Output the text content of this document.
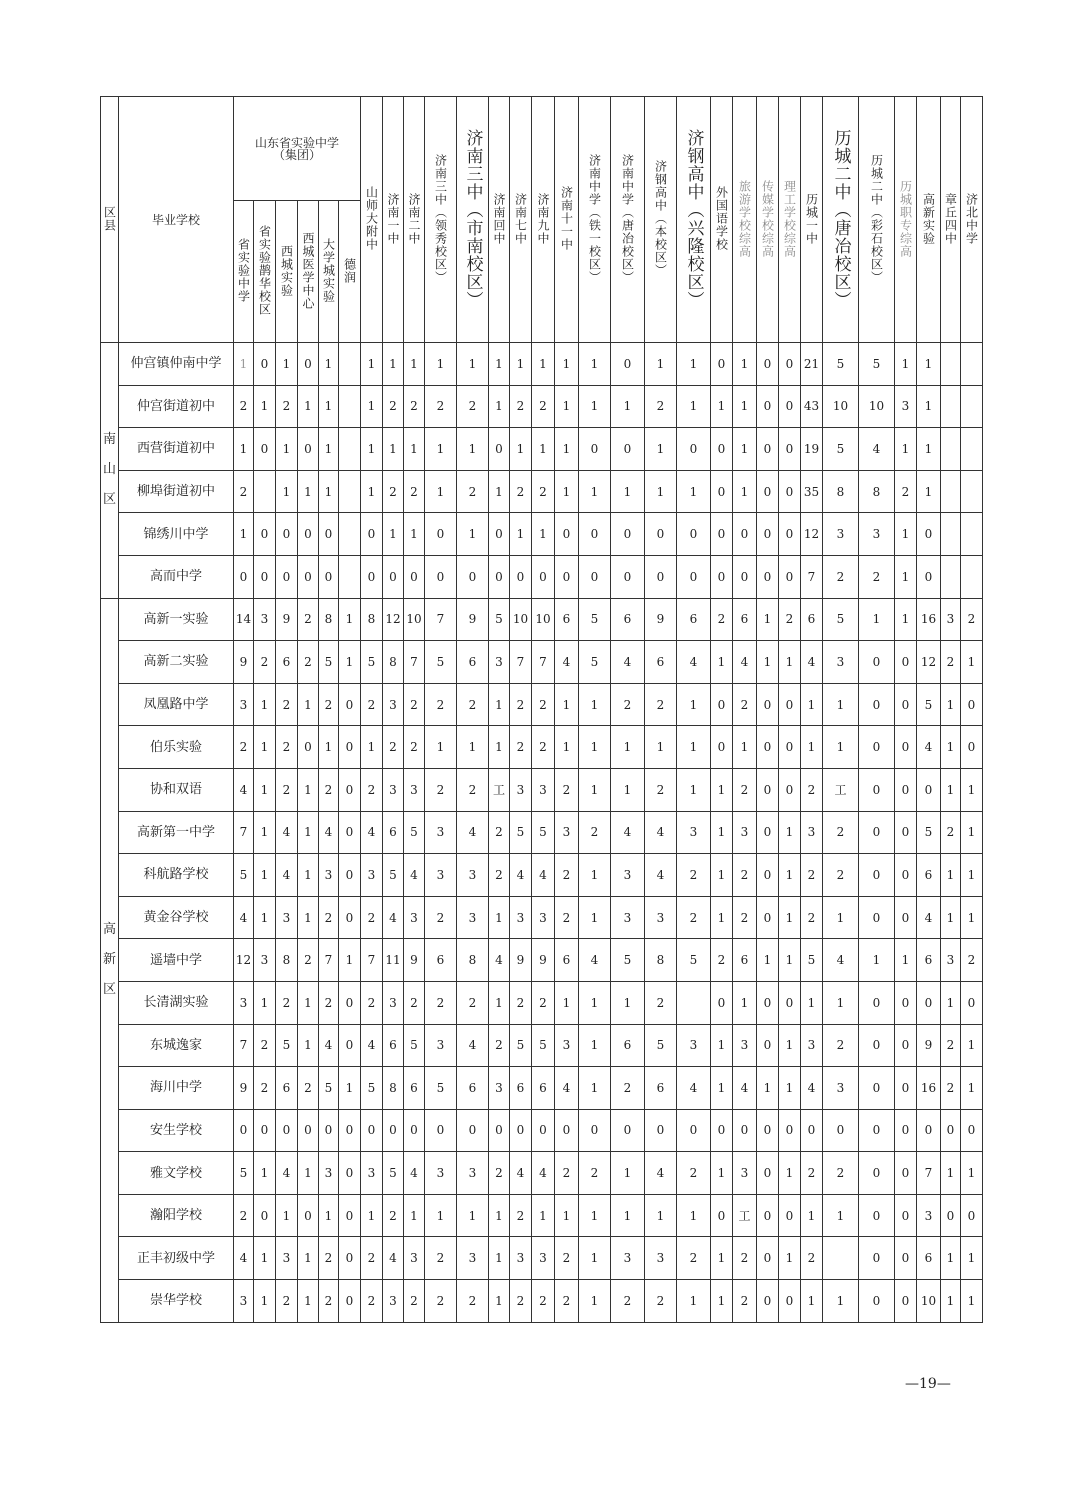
区县	毕业学校	山东省实验中学
（集团）						山师大附中	济南一中	济南二中	济南三中（领秀校区）	济南三中（市南校区）	济南回中	济南七中	济南九中	济南十一中	济南中学（铁一校区）	济南中学（唐冶校区）	济钢高中（本校区）	济钢高中（兴隆校区）	外国语学校	旅游学校综高	传媒学校综高	理工学校综高	历城一中	历城二中（唐冶校区）	历城二中（彩石校区）	历城职专综高	高新实验	章丘四中	济北中学
		省实验中学	省实验鹊华校区	西城实验	西城医学中心	大学城实验	德润																								

南
山
区	仲宫镇仲南中学	1	0	1	0	1		1	1	1	1	1	1	1	1	1	1	0	1	1	0	1	0	0	21	5	5	1	1		
	仲宫街道初中	2	1	2	1	1		1	2	2	2	2	1	2	2	1	1	1	2	1	1	1	0	0	43	10	10	3	1		
	西营街道初中	1	0	1	0	1		1	1	1	1	1	0	1	1	1	0	0	1	0	0	1	0	0	19	5	4	1	1		
	柳埠街道初中	2		1	1	1		1	2	2	1	2	1	2	2	1	1	1	1	1	0	1	0	0	35	8	8	2	1		
	锦绣川中学	1	0	0	0	0		0	1	1	0	1	0	1	1	0	0	0	0	0	0	0	0	0	12	3	3	1	0		
	高而中学	0	0	0	0	0		0	0	0	0	0	0	0	0	0	0	0	0	0	0	0	0	0	7	2	2	1	0		

高
新
区	高新一实验	14	3	9	2	8	1	8	12	10	7	9	5	10	10	6	5	6	9	6	2	6	1	2	6	5	1	1	16	3	2
	高新二实验	9	2	6	2	5	1	5	8	7	5	6	3	7	7	4	5	4	6	4	1	4	1	1	4	3	0	0	12	2	1
	凤凰路中学	3	1	2	1	2	0	2	3	2	2	2	1	2	2	1	1	2	2	1	0	2	0	0	1	1	0	0	5	1	0
	伯乐实验	2	1	2	0	1	0	1	2	2	1	1	1	2	2	1	1	1	1	1	0	1	0	0	1	1	0	0	4	1	0
	协和双语	4	1	2	1	2	0	2	3	3	2	2	工	3	3	2	1	1	2	1	1	2	0	0	2	工	0	0	0	1	1
	高新第一中学	7	1	4	1	4	0	4	6	5	3	4	2	5	5	3	2	4	4	3	1	3	0	1	3	2	0	0	5	2	1
	科航路学校	5	1	4	1	3	0	3	5	4	3	3	2	4	4	2	1	3	4	2	1	2	0	1	2	2	0	0	6	1	1
	黄金谷学校	4	1	3	1	2	0	2	4	3	2	3	1	3	3	2	1	3	3	2	1	2	0	1	2	1	0	0	4	1	1
	遥墙中学	12	3	8	2	7	1	7	11	9	6	8	4	9	9	6	4	5	8	5	2	6	1	1	5	4	1	1	6	3	2
	长清湖实验	3	1	2	1	2	0	2	3	2	2	2	1	2	2	1	1	1	2		0	1	0	0	1	1	0	0	0	1	0
	东城逸家	7	2	5	1	4	0	4	6	5	3	4	2	5	5	3	1	6	5	3	1	3	0	1	3	2	0	0	9	2	1
	海川中学	9	2	6	2	5	1	5	8	6	5	6	3	6	6	4	1	2	6	4	1	4	1	1	4	3	0	0	16	2	1
	安生学校	0	0	0	0	0	0	0	0	0	0	0	0	0	0	0	0	0	0	0	0	0	0	0	0	0	0	0	0	0	0
	雅文学校	5	1	4	1	3	0	3	5	4	3	3	2	4	4	2	2	1	4	2	1	3	0	1	2	2	0	0	7	1	1
	瀚阳学校	2	0	1	0	1	0	1	2	1	1	1	1	2	1	1	1	1	1	1	0	工	0	0	1	1	0	0	3	0	0
	正丰初级中学	4	1	3	1	2	0	2	4	3	2	3	1	3	3	2	1	3	3	2	1	2	0	1	2		0	0	6	1	1
	崇华学校	3	1	2	1	2	0	2	3	2	2	2	1	2	2	2	1	2	2	1	1	2	0	0	1	1	0	0	10	1	1
—19—
